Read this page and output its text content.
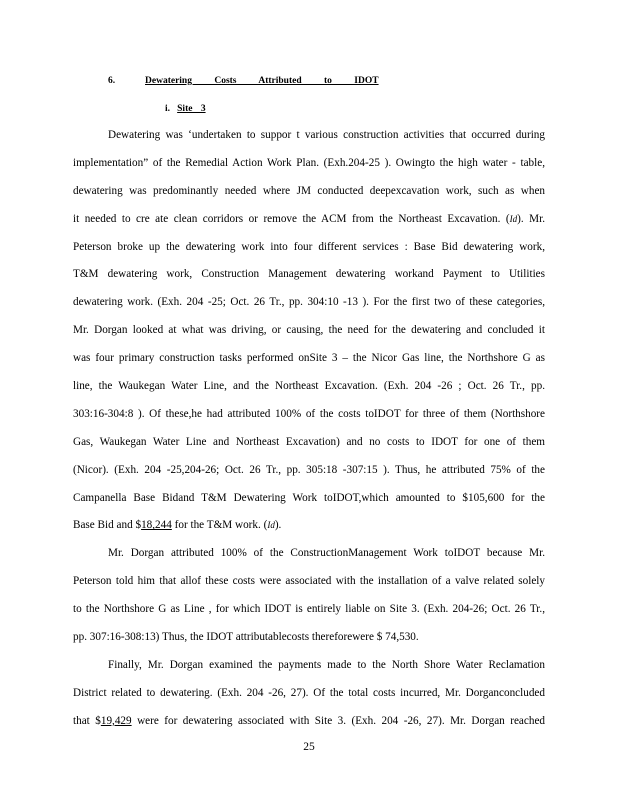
6.	Dewatering Costs Attributed to IDOT
i. Site 3
Dewatering was ‘undertaken to suppor t various construction activities that occurred during
implementation” of the Remedial Action Work Plan. (Exh.204-25 ). Owingto the high water - table,
dewatering was predominantly needed where JM conducted deepexcavation work, such as when
it needed to cre ate clean corridors or remove the ACM from the Northeast Excavation. (Id). Mr.
Peterson broke up the dewatering work into four different services : Base Bid dewatering work,
T&M dewatering work, Construction Management dewatering workand Payment to Utilities
dewatering work. (Exh. 204 -25; Oct. 26 Tr., pp. 304:10 -13 ). For the first two of these categories,
Mr. Dorgan looked at what was driving, or causing, the need for the dewatering and concluded it
was four primary construction tasks performed onSite 3 – the Nicor Gas line, the Northshore G as
line, the Waukegan Water Line, and the Northeast Excavation. (Exh. 204 -26 ; Oct. 26 Tr., pp.
303:16-304:8 ). Of these,he had attributed 100% of the costs toIDOT for three of them (Northshore
Gas, Waukegan Water Line and Northeast Excavation) and no costs to IDOT for one of them
(Nicor). (Exh. 204 -25,204-26; Oct. 26 Tr., pp. 305:18 -307:15 ). Thus, he attributed 75% of the
Campanella Base Bidand T&M Dewatering Work toIDOT,which amounted to $105,600 for the
Base Bid and $18,244 for the T&M work. (Id).
Mr. Dorgan attributed 100% of the ConstructionManagement Work toIDOT because Mr.
Peterson told him that allof these costs were associated with the installation of a valve related solely
to the Northshore G as Line , for which IDOT is entirely liable on Site 3. (Exh. 204-26; Oct. 26 Tr.,
pp. 307:16-308:13) Thus, the IDOT attributablecosts thereforewere $ 74,530.
Finally, Mr. Dorgan examined the payments made to the North Shore Water Reclamation
District related to dewatering. (Exh. 204 -26, 27). Of the total costs incurred, Mr. Dorganconcluded
that $19,429 were for dewatering associated with Site 3. (Exh. 204 -26, 27). Mr. Dorgan reached
25
